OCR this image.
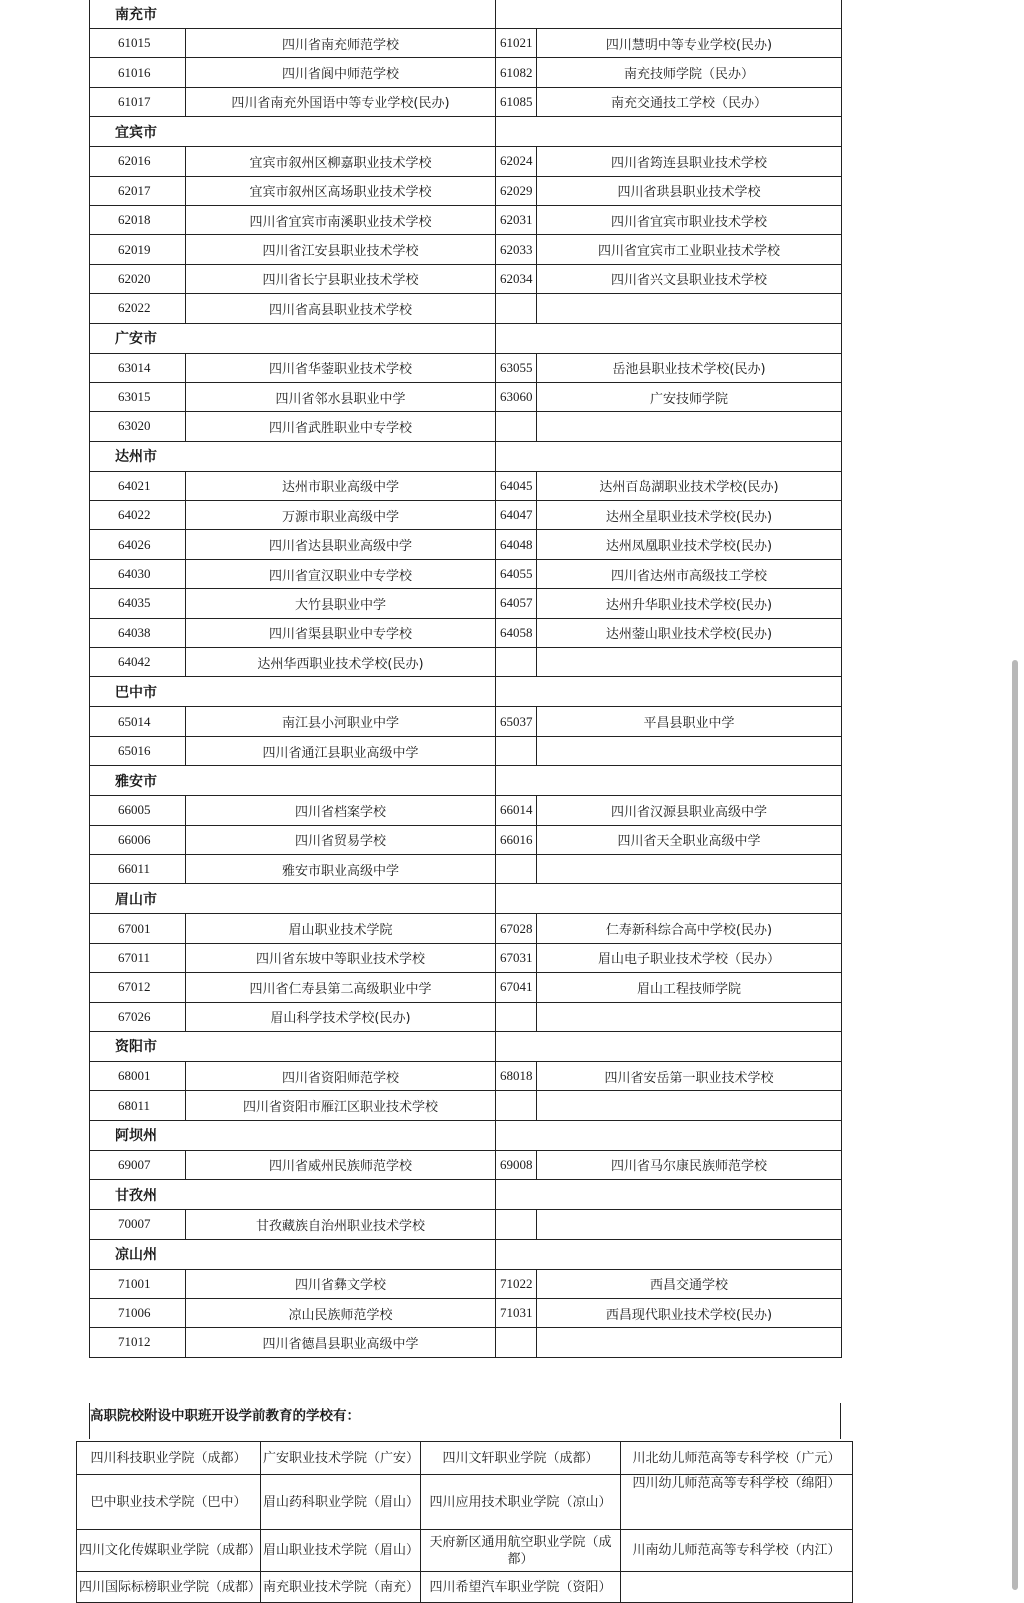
南充市			
61015	四川省南充师范学校	61021	四川慧明中等专业学校(民办)
61016	四川省阆中师范学校	61082	南充技师学院（民办）
61017	四川省南充外国语中等专业学校(民办)	61085	南充交通技工学校（民办）
宜宾市			
62016	宜宾市叙州区柳嘉职业技术学校	62024	四川省筠连县职业技术学校
62017	宜宾市叙州区高场职业技术学校	62029	四川省珙县职业技术学校
62018	四川省宜宾市南溪职业技术学校	62031	四川省宜宾市职业技术学校
62019	四川省江安县职业技术学校	62033	四川省宜宾市工业职业技术学校
62020	四川省长宁县职业技术学校	62034	四川省兴文县职业技术学校
62022	四川省高县职业技术学校		
广安市			
63014	四川省华蓥职业技术学校	63055	岳池县职业技术学校(民办)
63015	四川省邻水县职业中学	63060	广安技师学院
63020	四川省武胜职业中专学校		
达州市			
64021	达州市职业高级中学	64045	达州百岛湖职业技术学校(民办)
64022	万源市职业高级中学	64047	达州全星职业技术学校(民办)
64026	四川省达县职业高级中学	64048	达州凤凰职业技术学校(民办)
64030	四川省宣汉职业中专学校	64055	四川省达州市高级技工学校
64035	大竹县职业中学	64057	达州升华职业技术学校(民办)
64038	四川省渠县职业中专学校	64058	达州蓥山职业技术学校(民办)
64042	达州华西职业技术学校(民办)		
巴中市			
65014	南江县小河职业中学	65037	平昌县职业中学
65016	四川省通江县职业高级中学		
雅安市			
66005	四川省档案学校	66014	四川省汉源县职业高级中学
66006	四川省贸易学校	66016	四川省天全职业高级中学
66011	雅安市职业高级中学		
眉山市			
67001	眉山职业技术学院	67028	仁寿新科综合高中学校(民办)
67011	四川省东坡中等职业技术学校	67031	眉山电子职业技术学校（民办）
67012	四川省仁寿县第二高级职业中学	67041	眉山工程技师学院
67026	眉山科学技术学校(民办)		
资阳市			
68001	四川省资阳师范学校	68018	四川省安岳第一职业技术学校
68011	四川省资阳市雁江区职业技术学校		
阿坝州			
69007	四川省威州民族师范学校	69008	四川省马尔康民族师范学校
甘孜州			
70007	甘孜藏族自治州职业技术学校		
凉山州			
71001	四川省彝文学校	71022	西昌交通学校
71006	凉山民族师范学校	71031	西昌现代职业技术学校(民办)
71012	四川省德昌县职业高级中学		
高职院校附设中职班开设学前教育的学校有：
四川科技职业学院（成都）	广安职业技术学院（广安）	四川文轩职业学院（成都）	川北幼儿师范高等专科学校（广元）
巴中职业技术学院（巴中）	眉山药科职业学院（眉山）	四川应用技术职业学院（凉山）	四川幼儿师范高等专科学校（绵阳）
四川文化传媒职业学院（成都）	眉山职业技术学院（眉山）	天府新区通用航空职业学院（成都）	川南幼儿师范高等专科学校（内江）
四川国际标榜职业学院（成都）	南充职业技术学院（南充）	四川希望汽车职业学院（资阳）	
